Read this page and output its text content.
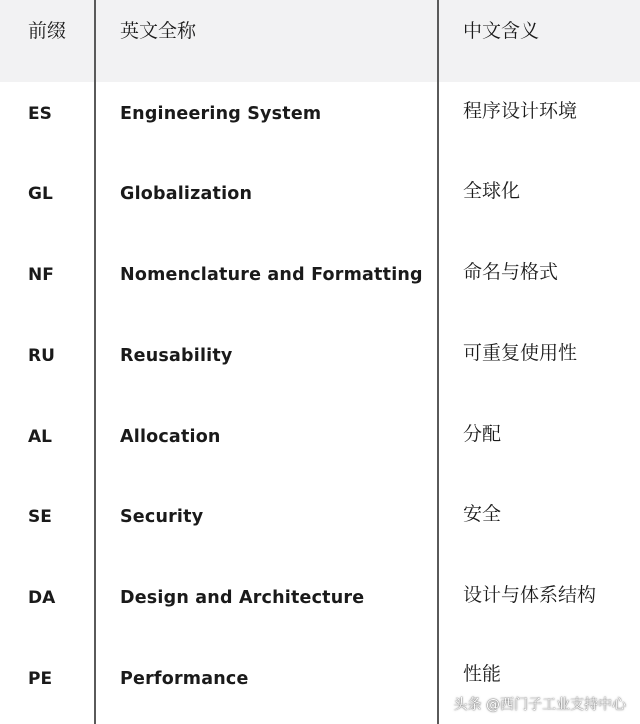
前缀	英文全称	中文含义
ES	Engineering System	程序设计环境
GL	Globalization	全球化
NF	Nomenclature and Formatting 命名与格式
RU	Reusability	可重复使用性
AL	Allocation	分配
SE	Security	安全
DA	Design and Architecture	设计与体系结构
PE	Performance	性能
头条 @西门子工业支持中心
